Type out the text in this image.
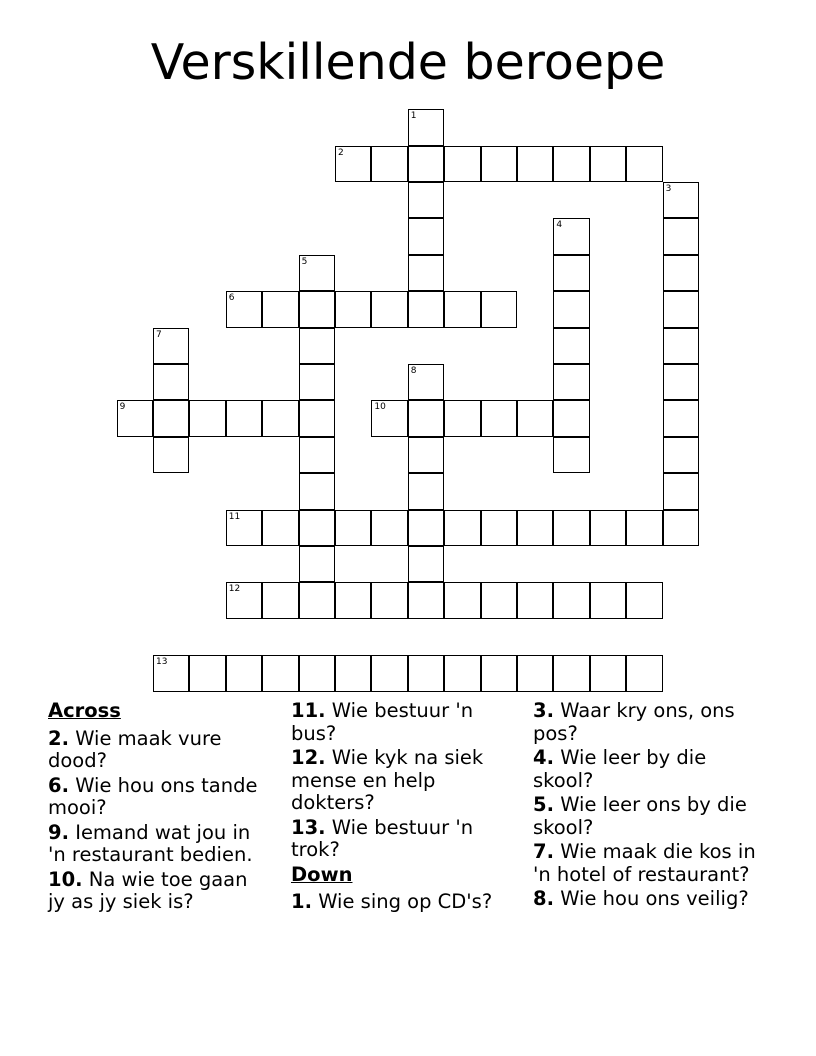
Verskillende beroepe
1
2
3
4
5
6
7
8
9	10
11
12
13

Across

2. Wie maak vure dood?

6. Wie hou ons tande mooi?

9. Iemand wat jou in 'n restaurant bedien.

10. Na wie toe gaan jy as jy siek is?

11. Wie bestuur 'n bus?

12. Wie kyk na siek mense en help dokters?

13. Wie bestuur 'n trok?

Down

1. Wie sing op CD's?

3. Waar kry ons, ons pos?

4. Wie leer by die skool?

5. Wie leer ons by die skool?

7. Wie maak die kos in 'n hotel of restaurant?

8. Wie hou ons veilig?
